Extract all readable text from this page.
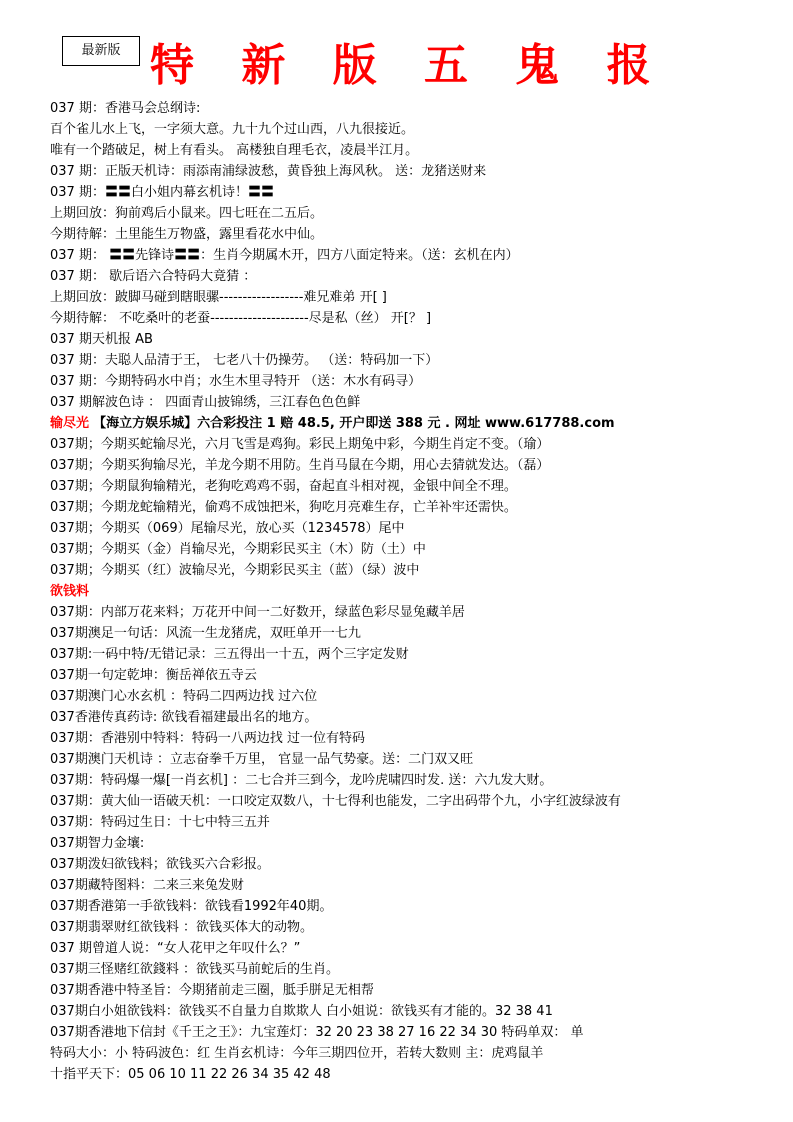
最新版 特 新 版 五 鬼 报
037 期：香港马会总纲诗:
百个雀儿水上飞，一字须大意。九十九个过山西，八九很接近。
唯有一个踏破足，树上有看头。 高楼独自理毛衣，凌晨半江月。
037 期：正版天机诗：雨添南浦绿波愁，黄昏独上海风秋。 送：龙猪送财来
037 期：〓〓白小姐内幕玄机诗！〓〓
上期回放：狗前鸡后小鼠来。四七旺在二五后。
今期待解：土里能生万物盛，露里看花水中仙。
037 期： 〓〓先锋诗〓〓：生肖今期属木开，四方八面定特来。（送：玄机在内）
037 期： 歇后语六合特码大竟猜 ：
上期回放：跛脚马碰到瞎眼骡------------------难兄难弟 开[ ]
今期待解： 不吃桑叶的老蚕---------------------尽是私（丝） 开[？ ]
037 期天机报 AB
037 期：夫聪人品清于王， 七老八十仍操劳。 （送：特码加一下）
037 期：今期特码水中肖；水生木里寻特开 （送：木水有码寻）
037 期解波色诗 ： 四面青山披锦绣，三江春色色色鲜
输尽光 【海立方娱乐城】六合彩投注 1 赔 48.5, 开户即送 388 元 . 网址 www.617788.com
037期；今期买蛇输尽光，六月飞雪是鸡狗。彩民上期兔中彩，今期生肖定不变。（瑜）
037期；今期买狗输尽光，羊龙今期不用防。生肖马鼠在今期，用心去猜就发达。（磊）
037期；今期鼠狗输精光，老狗吃鸡鸡不弱，奋起直斗相对视，金银中间全不理。
037期；今期龙蛇输精光，偷鸡不成蚀把米，狗吃月亮难生存，亡羊补牢还需快。
037期；今期买（069）尾输尽光，放心买（1234578）尾中
037期；今期买（金）肖输尽光，今期彩民买主（木）防（土）中
037期；今期买（红）波输尽光，今期彩民买主（蓝）（绿）波中
欲钱料
037期：内部万花来料；万花开中间一二好数开，绿蓝色彩尽显兔藏羊居
037期澳足一句话：风流一生龙猪虎，双旺单开一七九
037期:一码中特/无错记录：三五得出一十五，两个三字定发财
037期一句定乾坤：衡岳禅依五寺云
037期澳门心水玄机 ：特码二四两边找 过六位
037香港传真药诗: 欲钱看福建最出名的地方。
037期：香港别中特料：特码一八两边找 过一位有特码
037期澳门天机诗 ：立志奋拳千万里， 官显一品气势豪。送：二门双又旺
037期：特码爆一爆[一肖玄机] ：二七合并三到今，龙吟虎啸四时发. 送：六九发大财。
037期：黄大仙一语破天机：一口咬定双数八，十七得利也能发，二字出码带个九，小字红波绿波有
037期：特码过生日：十七中特三五并
037期智力金壤:
037期泼妇欲钱料；欲钱买六合彩报。
037期藏特图料：二来三来兔发财
037期香港第一手欲钱料：欲钱看1992年40期。
037期翡翠财红欲钱料 ：欲钱买体大的动物。
037 期曾道人说：“女人花甲之年叹什么？”
037期三怪赌红欲錢料 ：欲钱买马前蛇后的生肖。
037期香港中特圣旨：今期猪前走三圈，胝手胼足无相帮
037期白小姐欲钱料：欲钱买不自量力自欺欺人 白小姐说：欲钱买有才能的。32 38 41
037期香港地下信封《千王之王》：九宝莲灯：32 20 23 38 27 16 22 34 30 特码单双： 单
特码大小：小 特码波色：红 生肖玄机诗：今年三期四位开，若转大数则 主：虎鸡鼠羊
十指平天下：05 06 10 11 22 26 34 35 42 48
